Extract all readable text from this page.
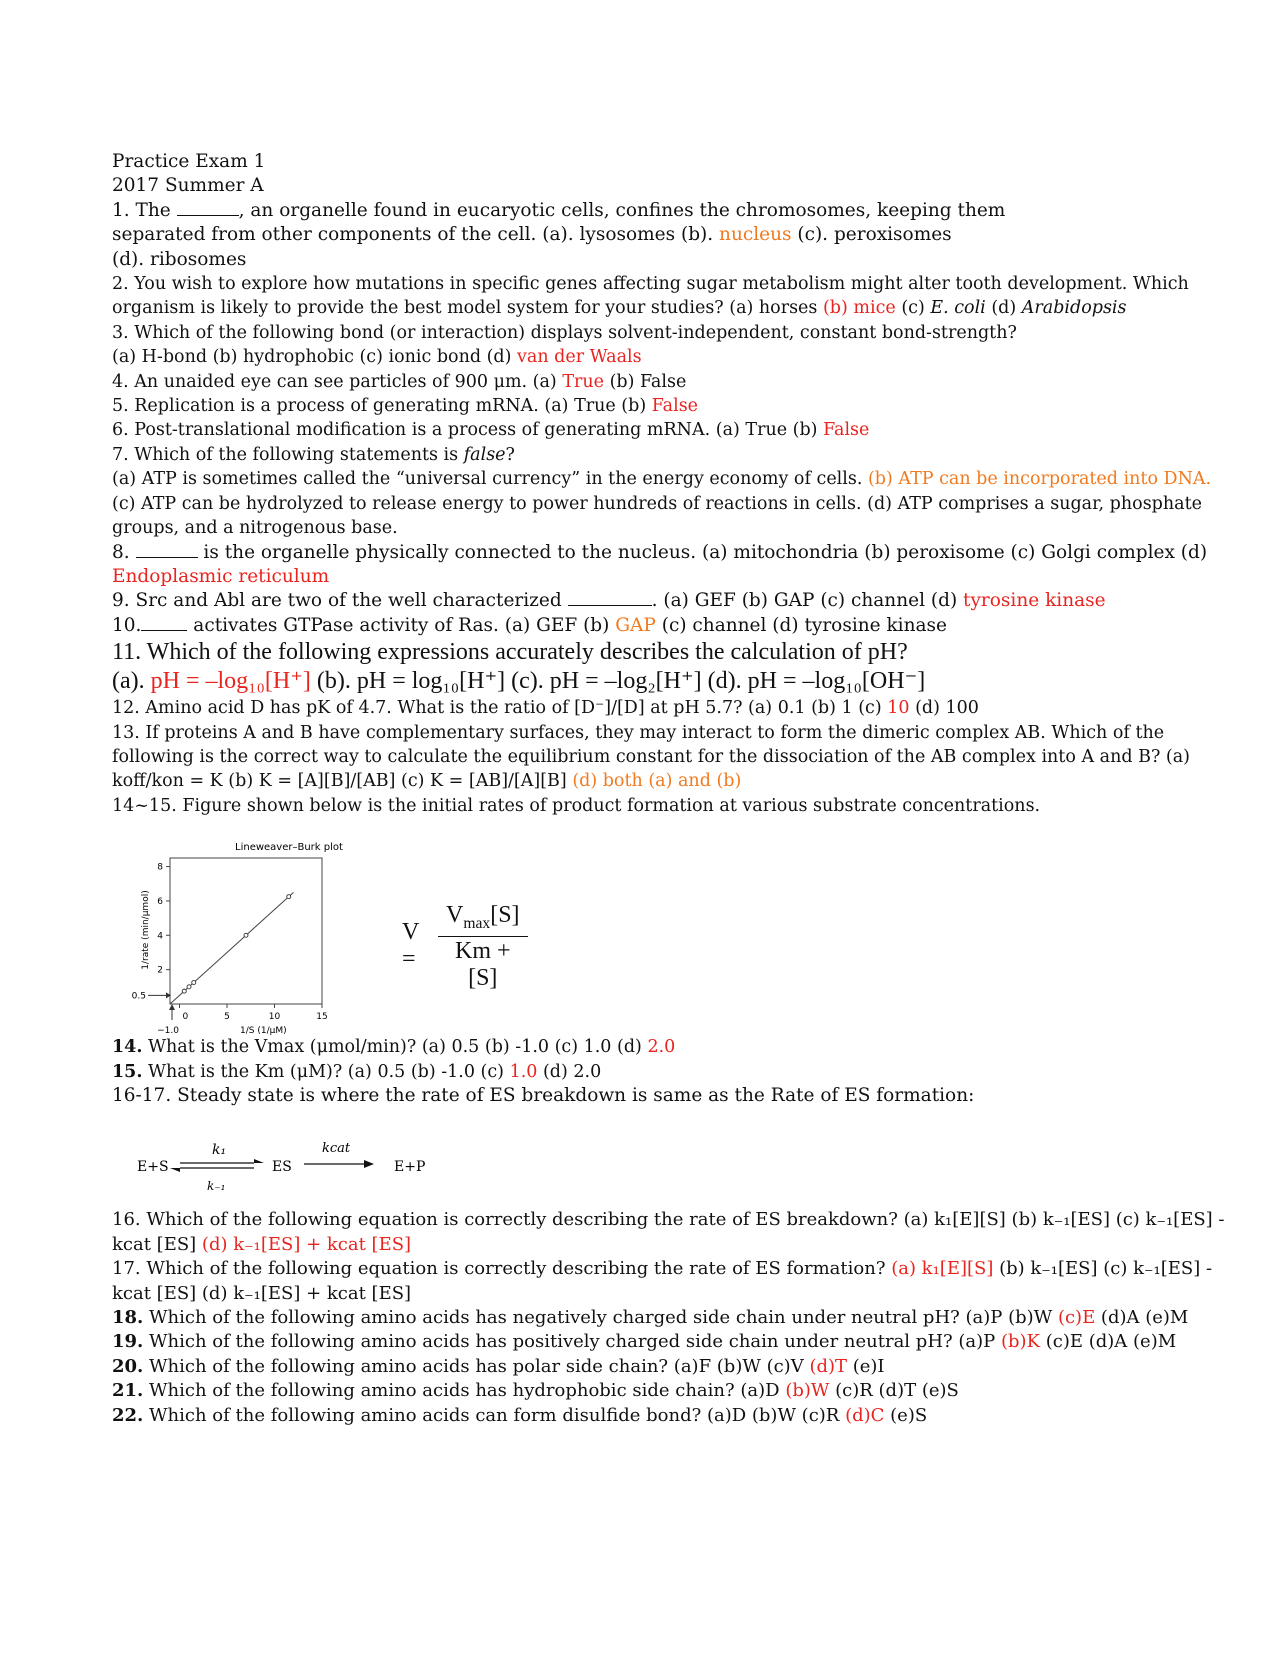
Practice Exam 1
2017 Summer A
1. The	, an organelle found in eucaryotic cells, confines the chromosomes, keeping them
separated from other components of the cell. (a). lysosomes (b). nucleus (c). peroxisomes
(d). ribosomes
2. You wish to explore how mutations in specific genes affecting sugar metabolism might alter tooth development. Which
organism is likely to provide the best model system for your studies? (a) horses (b) mice (c) E. coli (d) Arabidopsis
3. Which of the following bond (or interaction) displays solvent-independent, constant bond-strength?
(a) H-bond (b) hydrophobic (c) ionic bond (d) van der Waals
4. An unaided eye can see particles of 900 μm. (a) True (b) False
5. Replication is a process of generating mRNA. (a) True (b) False
6. Post-translational modification is a process of generating mRNA. (a) True (b) False
7. Which of the following statements is false?
(a) ATP is sometimes called the “universal currency” in the energy economy of cells. (b) ATP can be incorporated into DNA.
(c) ATP can be hydrolyzed to release energy to power hundreds of reactions in cells. (d) ATP comprises a sugar, phosphate
groups, and a nitrogenous base.
8.	is the organelle physically connected to the nucleus. (a) mitochondria (b) peroxisome (c) Golgi complex (d)
Endoplasmic reticulum
9. Src and Abl are two of the well characterized	. (a) GEF (b) GAP (c) channel (d) tyrosine kinase
10. activates GTPase activity of Ras. (a) GEF (b) GAP (c) channel (d) tyrosine kinase
11. Which of the following expressions accurately describes the calculation of pH?
(a). pH = –log₁₀[H⁺] (b). pH = log₁₀[H⁺] (c). pH = –log₂[H⁺] (d). pH = –log₁₀[OH⁻]
12. Amino acid D has pK of 4.7. What is the ratio of [D⁻]/[D] at pH 5.7? (a) 0.1 (b) 1 (c) 10 (d) 100
13. If proteins A and B have complementary surfaces, they may interact to form the dimeric complex AB. Which of the
following is the correct way to calculate the equilibrium constant for the dissociation of the AB complex into A and B? (a)
koff/kon = K (b) K = [A][B]/[AB] (c) K = [AB]/[A][B] (d) both (a) and (b)
14~15. Figure shown below is the initial rates of product formation at various substrate concentrations.
Lineweaver–Burk plot
1/rate (min/μmol)
1/S (1/μM)
2
4
6
8
0	5	10	15
0.5
−1.0
V =
$V_{max}[S]$
Km + [S]
14. What is the Vmax (μmol/min)? (a) 0.5 (b) -1.0 (c) 1.0 (d) 2.0
15. What is the Km (μM)? (a) 0.5 (b) -1.0 (c) 1.0 (d) 2.0
16-17. Steady state is where the rate of ES breakdown is same as the Rate of ES formation:
E+S
k₁
k₋₁
ES
kcat
E+P
16. Which of the following equation is correctly describing the rate of ES breakdown? (a) k₁[E][S] (b) k₋₁[ES] (c) k₋₁[ES] -
kcat [ES] (d) k₋₁[ES] + kcat [ES]
17. Which of the following equation is correctly describing the rate of ES formation? (a) k₁[E][S] (b) k₋₁[ES] (c) k₋₁[ES] -
kcat [ES] (d) k₋₁[ES] + kcat [ES]
18. Which of the following amino acids has negatively charged side chain under neutral pH? (a)P (b)W (c)E (d)A (e)M
19. Which of the following amino acids has positively charged side chain under neutral pH? (a)P (b)K (c)E (d)A (e)M
20. Which of the following amino acids has polar side chain? (a)F (b)W (c)V (d)T (e)I
21. Which of the following amino acids has hydrophobic side chain? (a)D (b)W (c)R (d)T (e)S
22. Which of the following amino acids can form disulfide bond? (a)D (b)W (c)R (d)C (e)S
